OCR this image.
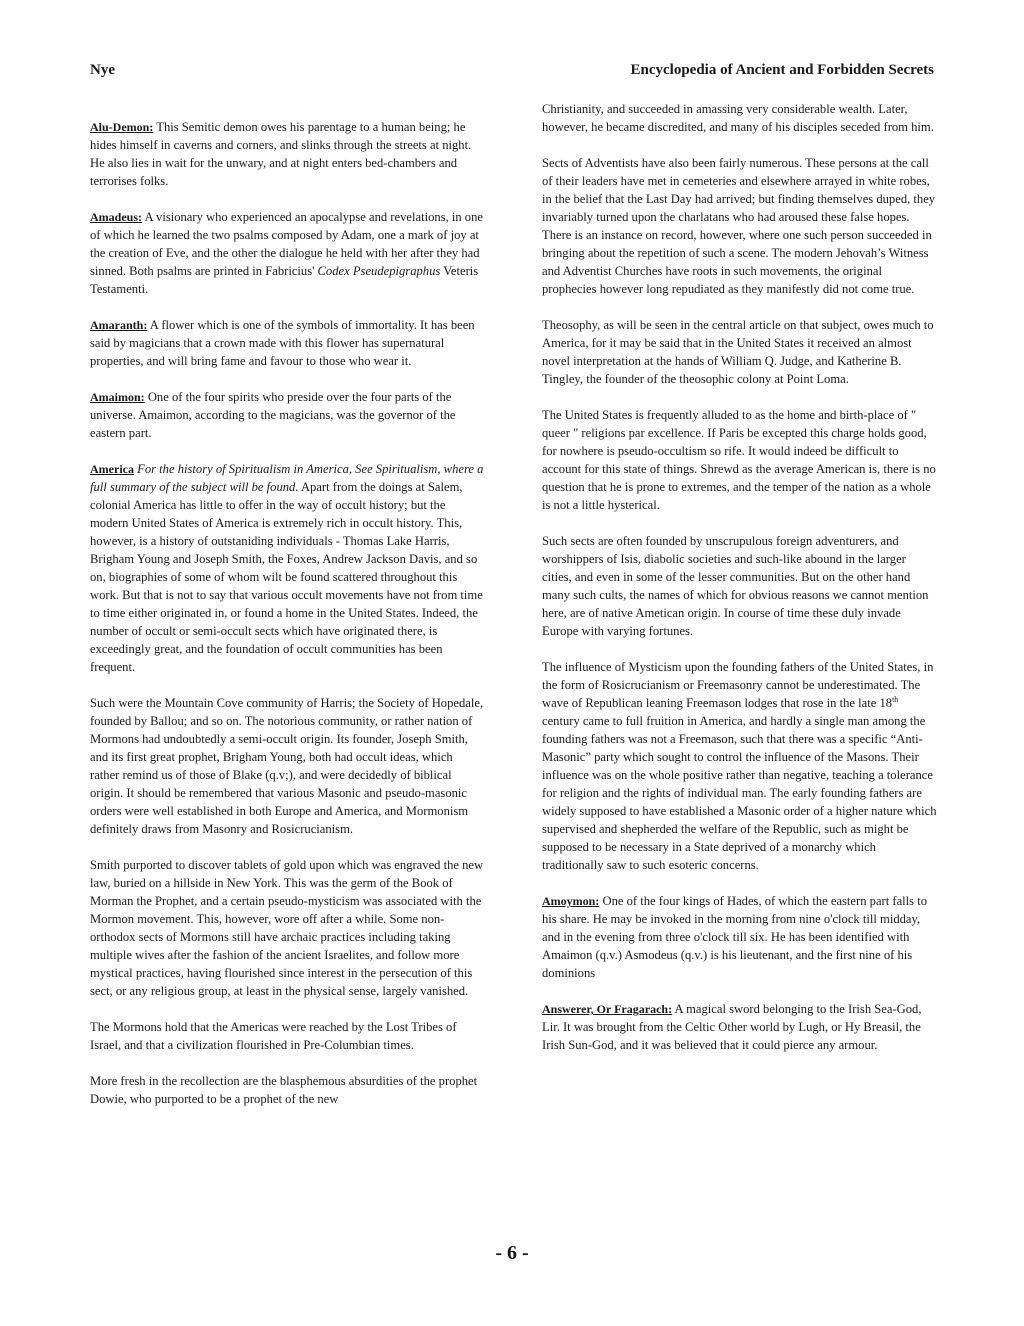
Nye	Encyclopedia of Ancient and Forbidden Secrets

Alu-Demon: This Semitic demon owes his parentage to a human being; he hides himself in caverns and corners, and slinks through the streets at night. He also lies in wait for the unwary, and at night enters bed-chambers and terrorises folks.

Amadeus: A visionary who experienced an apocalypse and revelations, in one of which he learned the two psalms composed by Adam, one a mark of joy at the creation of Eve, and the other the dialogue he held with her after they had sinned. Both psalms are printed in Fabricius' Codex Pseudepigraphus Veteris Testamenti.

Amaranth: A flower which is one of the symbols of immortality. It has been said by magicians that a crown made with this flower has supernatural properties, and will bring fame and favour to those who wear it.

Amaimon: One of the four spirits who preside over the four parts of the universe. Amaimon, according to the magicians, was the governor of the eastern part.

America For the history of Spiritualism in America, See Spiritualism, where a full summary of the subject will be found. Apart from the doings at Salem, colonial America has little to offer in the way of occult history; but the modern United States of America is extremely rich in occult history. This, however, is a history of outstaniding individuals - Thomas Lake Harris, Brigham Young and Joseph Smith, the Foxes, Andrew Jackson Davis, and so on, biographies of some of whom wilt be found scattered throughout this work. But that is not to say that various occult movements have not from time to time either originated in, or found a home in the United States. Indeed, the number of occult or semi-occult sects which have originated there, is exceedingly great, and the foundation of occult communities has been frequent.

Such were the Mountain Cove community of Harris; the Society of Hopedale, founded by Ballou; and so on. The notorious community, or rather nation of Mormons had undoubtedly a semi-occult origin. Its founder, Joseph Smith, and its first great prophet, Brigham Young, both had occult ideas, which rather remind us of those of Blake (q.v;), and were decidedly of biblical origin. It should be remembered that various Masonic and pseudo-masonic orders were well established in both Europe and America, and Mormonism definitely draws from Masonry and Rosicrucianism.

Smith purported to discover tablets of gold upon which was engraved the new law, buried on a hillside in New York. This was the germ of the Book of Morman the Prophet, and a certain pseudo-mysticism was associated with the Mormon movement. This, however, wore off after a while. Some non-orthodox sects of Mormons still have archaic practices including taking multiple wives after the fashion of the ancient Israelites, and follow more mystical practices, having flourished since interest in the persecution of this sect, or any religious group, at least in the physical sense, largely vanished.

The Mormons hold that the Americas were reached by the Lost Tribes of Israel, and that a civilization flourished in Pre-Columbian times.

More fresh in the recollection are the blasphemous absurdities of the prophet Dowie, who purported to be a prophet of the new

Christianity, and succeeded in amassing very considerable wealth. Later, however, he became discredited, and many of his disciples seceded from him.

Sects of Adventists have also been fairly numerous. These persons at the call of their leaders have met in cemeteries and elsewhere arrayed in white robes, in the belief that the Last Day had arrived; but finding themselves duped, they invariably turned upon the charlatans who had aroused these false hopes. There is an instance on record, however, where one such person succeeded in bringing about the repetition of such a scene. The modern Jehovah’s Witness and Adventist Churches have roots in such movements, the original prophecies however long repudiated as they manifestly did not come true.

Theosophy, as will be seen in the central article on that subject, owes much to America, for it may be said that in the United States it received an almost novel interpretation at the hands of William Q. Judge, and Katherine B. Tingley, the founder of the theosophic colony at Point Loma.

The United States is frequently alluded to as the home and birth-place of " queer " religions par excellence. If Paris be excepted this charge holds good, for nowhere is pseudo-occultism so rife. It would indeed be difficult to account for this state of things. Shrewd as the average American is, there is no question that he is prone to extremes, and the temper of the nation as a whole is not a little hysterical.

Such sects are often founded by unscrupulous foreign adventurers, and worshippers of Isis, diabolic societies and such-like abound in the larger cities, and even in some of the lesser communities. But on the other hand many such cults, the names of which for obvious reasons we cannot mention here, are of native Ametican origin. In course of time these duly invade Europe with varying fortunes.

The influence of Mysticism upon the founding fathers of the United States, in the form of Rosicrucianism or Freemasonry cannot be underestimated. The wave of Republican leaning Freemason lodges that rose in the late 18th century came to full fruition in America, and hardly a single man among the founding fathers was not a Freemason, such that there was a specific “Anti-Masonic” party which sought to control the influence of the Masons. Their influence was on the whole positive rather than negative, teaching a tolerance for religion and the rights of individual man. The early founding fathers are widely supposed to have established a Masonic order of a higher nature which supervised and shepherded the welfare of the Republic, such as might be supposed to be necessary in a State deprived of a monarchy which traditionally saw to such esoteric concerns.

Amoymon: One of the four kings of Hades, of which the eastern part falls to his share. He may be invoked in the morning from nine o'clock till midday, and in the evening from three o'clock till six. He has been identified with Amaimon (q.v.) Asmodeus (q.v.) is his lieutenant, and the first nine of his dominions

Answerer, Or Fragarach: A magical sword belonging to the Irish Sea-God, Lir. It was brought from the Celtic Other world by Lugh, or Hy Breasil, the Irish Sun-God, and it was believed that it could pierce any armour.

- 6 -
